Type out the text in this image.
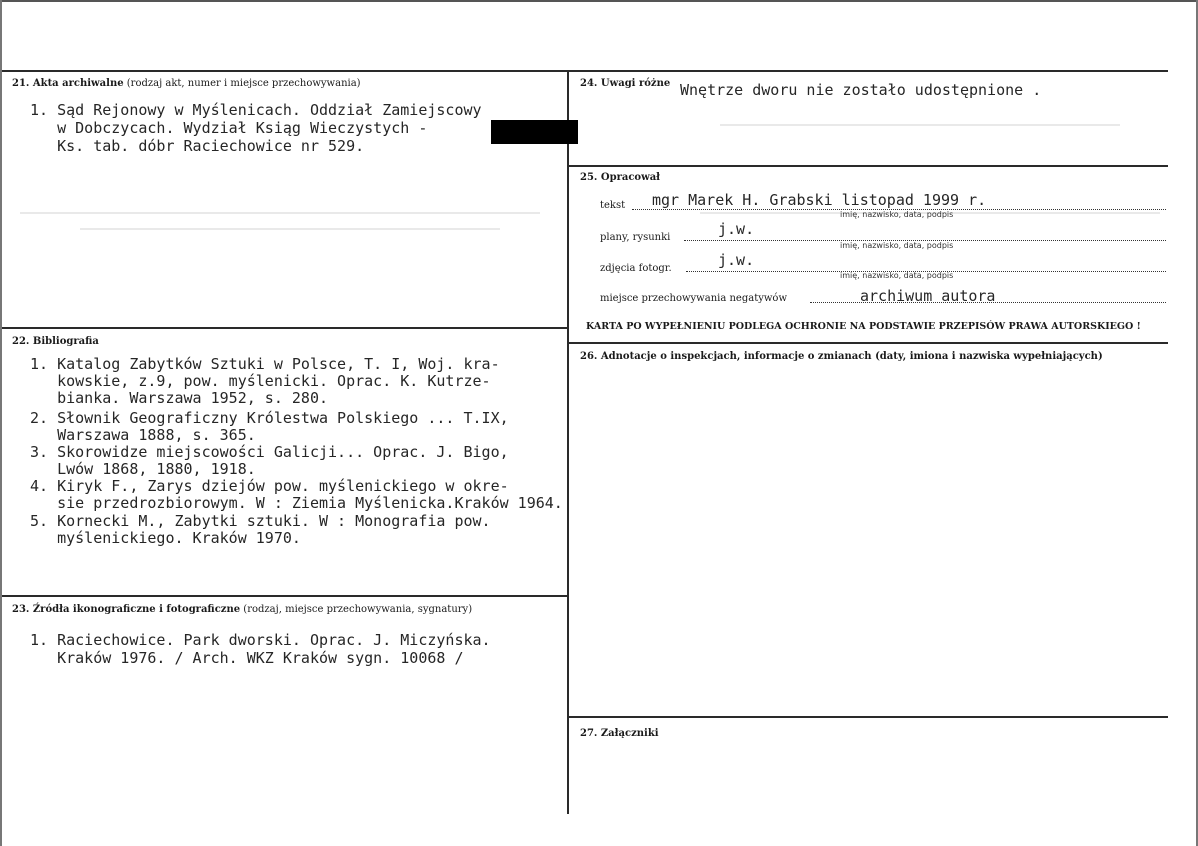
21. Akta archiwalne (rodzaj akt, numer i miejsce przechowywania)
1. Sąd Rejonowy w Myślenicach. Oddział Zamiejscowy
w Dobczycach. Wydział Ksiąg Wieczystych -
Ks. tab. dóbr Raciechowice nr 529.
22. Bibliografia
1. Katalog Zabytków Sztuki w Polsce, T. I, Woj. kra-
kowskie, z.9, pow. myślenicki. Oprac. K. Kutrze-
bianka. Warszawa 1952, s. 280.
2. Słownik Geograficzny Królestwa Polskiego ... T.IX,
Warszawa 1888, s. 365.
3. Skorowidze miejscowości Galicji... Oprac. J. Bigo,
Lwów 1868, 1880, 1918.
4. Kiryk F., Zarys dziejów pow. myślenickiego w okre-
sie przedrozbiorowym. W : Ziemia Myślenicka.Kraków 1964.
5. Kornecki M., Zabytki sztuki. W : Monografia pow.
myślenickiego. Kraków 1970.
23. Źródła ikonograficzne i fotograficzne (rodzaj, miejsce przechowywania, sygnatury)
1. Raciechowice. Park dworski. Oprac. J. Miczyńska.
Kraków 1976. / Arch. WKZ Kraków sygn. 10068 /
24. Uwagi różne Wnętrze dworu nie zostało udostępnione .
25. Opracował
tekst mgr Marek H. Grabski listopad 1999 r.
imię, nazwisko, data, podpis
plany, rysunki	j.w.
imię, nazwisko, data, podpis
zdjęcia fotogr.	j.w.
imię, nazwisko, data, podpis
miejsce przechowywania negatywów	archiwum autora
KARTA PO WYPEŁNIENIU PODLEGA OCHRONIE NA PODSTAWIE PRZEPISÓW PRAWA AUTORSKIEGO !
26. Adnotacje o inspekcjach, informacje o zmianach (daty, imiona i nazwiska wypełniających)
27. Załączniki
